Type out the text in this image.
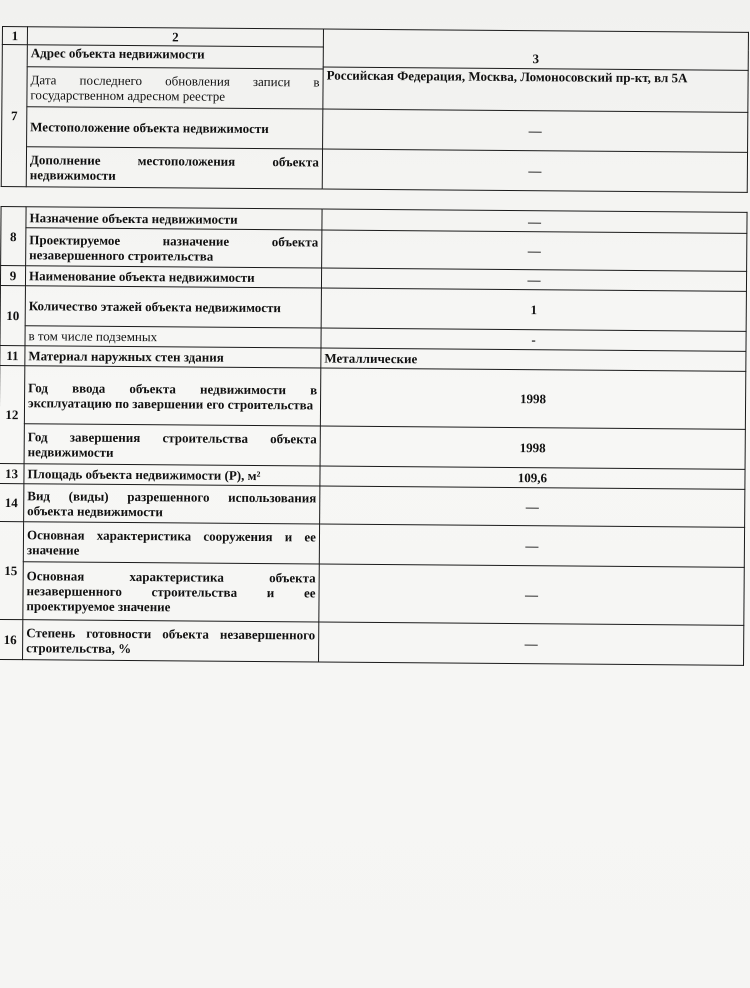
1	2	3
7	Адрес объекта недвижимости	
		Российская Федерация, Москва, Ломоносовский пр-кт, вл 5А
	Дата последнего обновления записи в государственном адресном реестре	
	Местоположение объекта недвижимости	—
	Дополнение местоположения объекта недвижимости	—

8	Назначение объекта недвижимости	—
	Проектируемое назначение объекта незавершенного строительства	—
9	Наименование объекта недвижимости	—
10	Количество этажей объекта недвижимости	1
	в том числе подземных	-
11	Материал наружных стен здания	Металлические
12	Год ввода объекта недвижимости в эксплуатацию по завершении его строительства	1998
	Год завершения строительства объекта недвижимости	1998
13	Площадь объекта недвижимости (Р), м²	109,6
14	Вид (виды) разрешенного использования объекта недвижимости	—
15	Основная характеристика сооружения и ее значение	—
	Основная характеристика объекта незавершенного строительства и ее проектируемое значение	—
16	Степень готовности объекта незавершенного строительства, %	—
